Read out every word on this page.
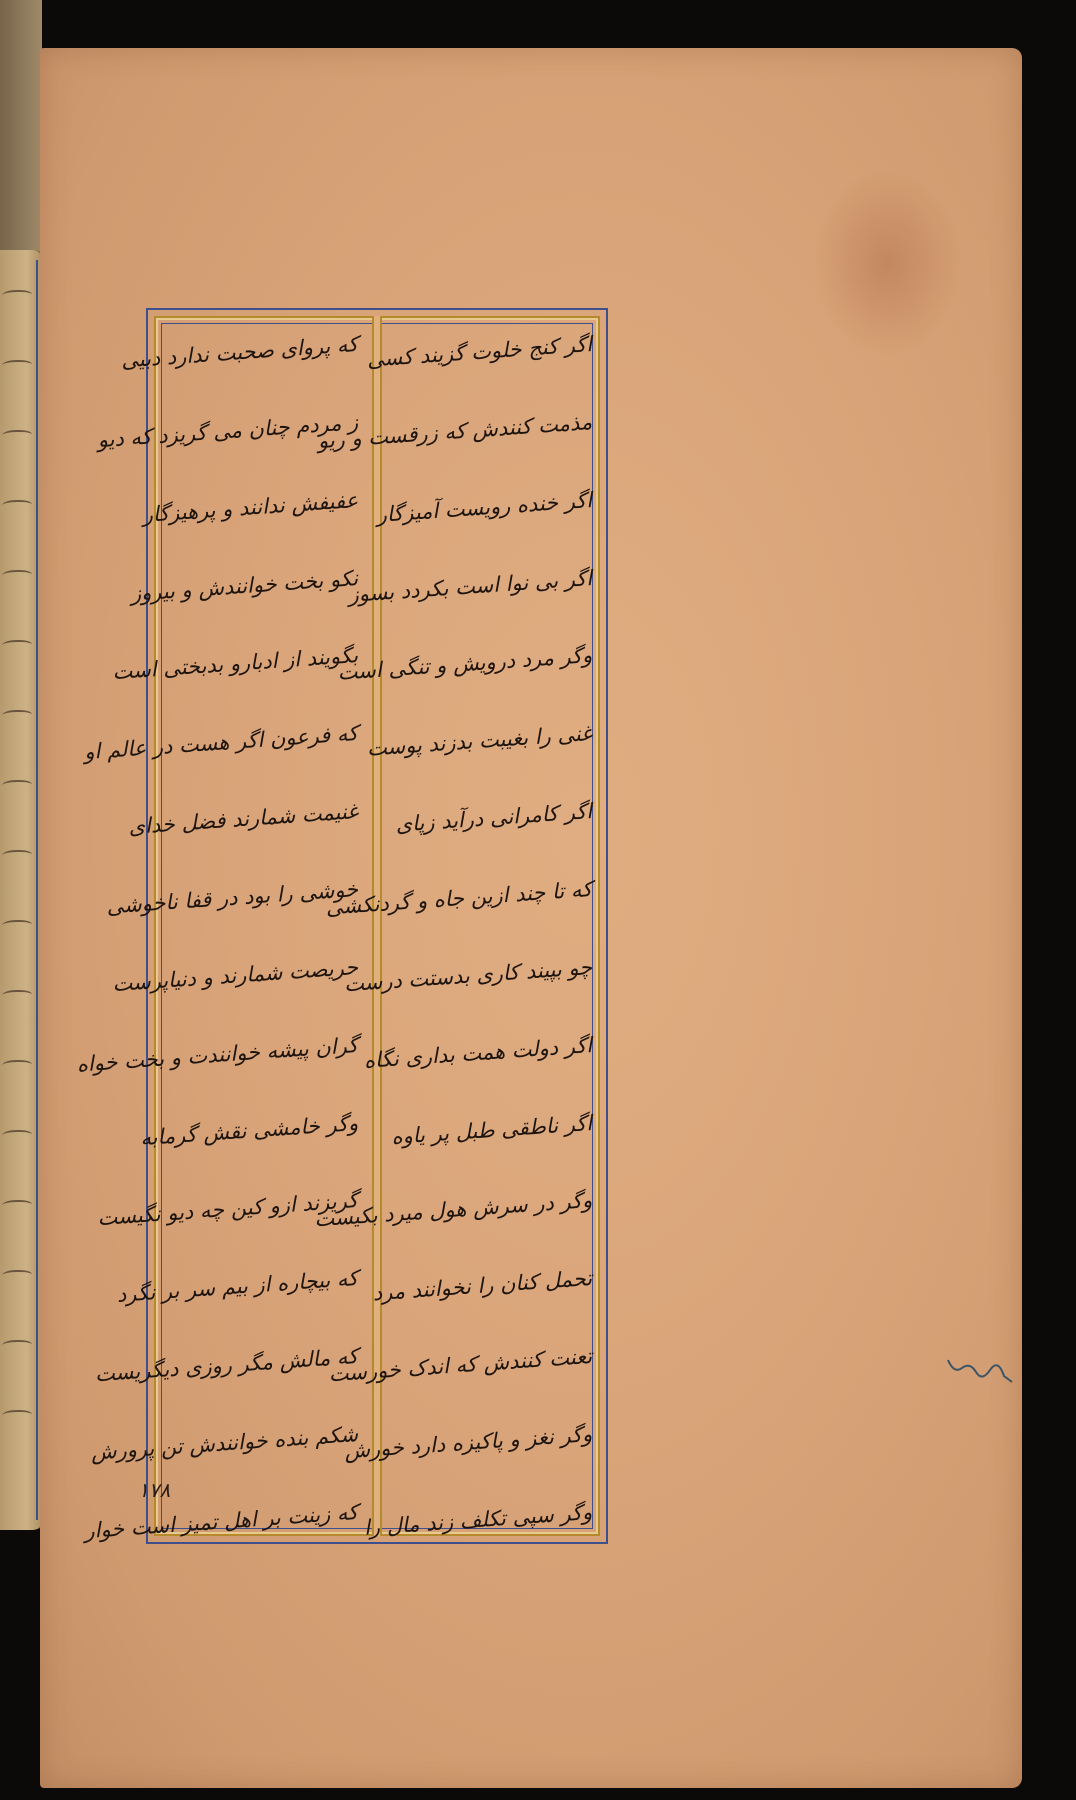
اگر کنج خلوت گزیند کسی
مذمت کنندش که زرقست و ریو
اگر خنده رویست آمیزگار
اگر بی نوا است بکردد بسوز
وگر مرد درویش و تنگی است
غنی را بغیبت بدزند پوست
اگر کامرانی درآید زپای
که تا چند ازین جاه و گردنکشی
چو بپیند کاری بدستت درست
اگر دولت همت بداری نگاه
اگر ناطقی طبل پر یاوه
وگر در سرش هول میرد بکیست
تحمل کنان را نخوانند مرد
تعنت کنندش که اندک خورست
وگر نغز و پاکیزه دارد خورش
وگر سپی تکلف زند مال را
که پروای صحبت ندارد دبیی
ز مردم چنان می گریزد که دیو
عفیفش ندانند و پرهیزگار
نکو بخت خوانندش و بیروز
بگویند از ادبارو بدبختی است
که فرعون اگر هست در عالم او
غنیمت شمارند فضل خدای
خوشی را بود در قفا ناخوشی
حریصت شمارند و دنیاپرست
گران پیشه خوانندت و بخت خواه
وگر خامشی نقش گرمابه
گریزند ازو کین چه دیو نگیست
که بیچاره از بیم سر بر نگرد
که مالش مگر روزی دیگریست
شکم بنده خوانندش تن پرورش
که زینت بر اهل تمیز است خوار
۱۷۸
